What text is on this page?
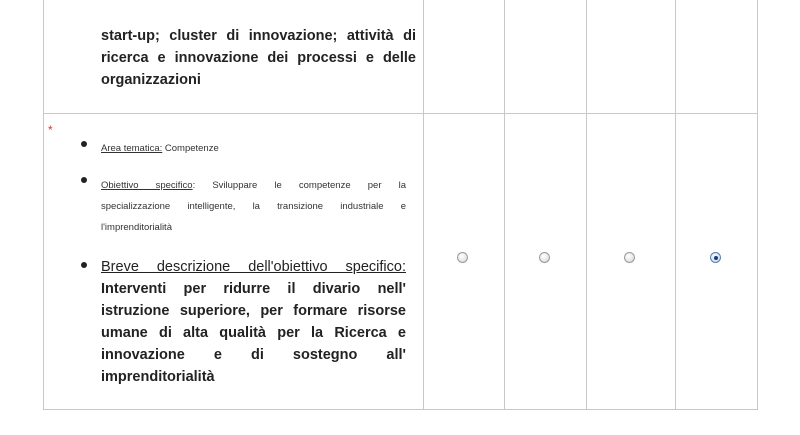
start-up; cluster di innovazione; attività di
ricerca e innovazione dei processi e delle
organizzazioni
*
Area tematica: Competenze
Obiettivo specifico: Sviluppare le competenze per la
specializzazione intelligente, la transizione industriale e
l'imprenditorialità
Breve descrizione dell'obiettivo specifico:
Interventi per ridurre il divario nell'
istruzione superiore, per formare risorse
umane di alta qualità per la Ricerca e
innovazione e di sostegno all'
imprenditorialità
